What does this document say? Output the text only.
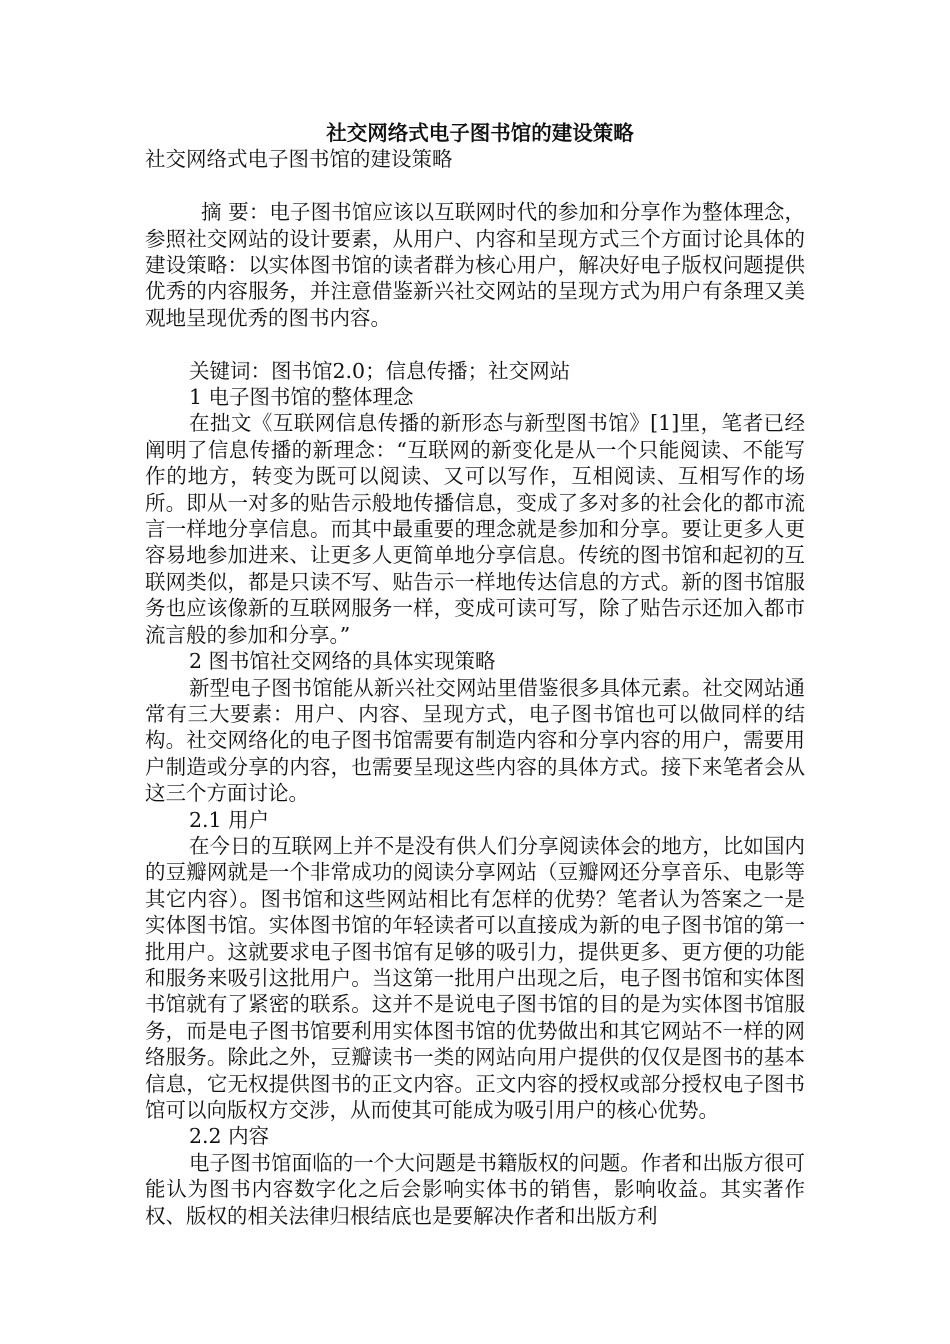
社交网络式电子图书馆的建设策略
社交网络式电子图书馆的建设策略

摘 要：电子图书馆应该以互联网时代的参加和分享作为整体理念，参照社交网站的设计要素，从用户、内容和呈现方式三个方面讨论具体的建设策略：以实体图书馆的读者群为核心用户，解决好电子版权问题提供优秀的内容服务，并注意借鉴新兴社交网站的呈现方式为用户有条理又美观地呈现优秀的图书内容。

关键词：图书馆2.0；信息传播；社交网站
1 电子图书馆的整体理念

在拙文《互联网信息传播的新形态与新型图书馆》[1]里，笔者已经阐明了信息传播的新理念：“互联网的新变化是从一个只能阅读、不能写作的地方，转变为既可以阅读、又可以写作，互相阅读、互相写作的场所。即从一对多的贴告示般地传播信息，变成了多对多的社会化的都市流言一样地分享信息。而其中最重要的理念就是参加和分享。要让更多人更容易地参加进来、让更多人更简单地分享信息。传统的图书馆和起初的互联网类似，都是只读不写、贴告示一样地传达信息的方式。新的图书馆服务也应该像新的互联网服务一样，变成可读可写，除了贴告示还加入都市流言般的参加和分享。”

2 图书馆社交网络的具体实现策略

新型电子图书馆能从新兴社交网站里借鉴很多具体元素。社交网站通常有三大要素：用户、内容、呈现方式，电子图书馆也可以做同样的结构。社交网络化的电子图书馆需要有制造内容和分享内容的用户，需要用户制造或分享的内容，也需要呈现这些内容的具体方式。接下来笔者会从这三个方面讨论。

2.1 用户

在今日的互联网上并不是没有供人们分享阅读体会的地方，比如国内的豆瓣网就是一个非常成功的阅读分享网站（豆瓣网还分享音乐、电影等其它内容）。图书馆和这些网站相比有怎样的优势？笔者认为答案之一是实体图书馆。实体图书馆的年轻读者可以直接成为新的电子图书馆的第一批用户。这就要求电子图书馆有足够的吸引力，提供更多、更方便的功能和服务来吸引这批用户。当这第一批用户出现之后，电子图书馆和实体图书馆就有了紧密的联系。这并不是说电子图书馆的目的是为实体图书馆服务，而是电子图书馆要利用实体图书馆的优势做出和其它网站不一样的网络服务。除此之外，豆瓣读书一类的网站向用户提供的仅仅是图书的基本信息，它无权提供图书的正文内容。正文内容的授权或部分授权电子图书馆可以向版权方交涉，从而使其可能成为吸引用户的核心优势。

2.2 内容

电子图书馆面临的一个大问题是书籍版权的问题。作者和出版方很可能认为图书内容数字化之后会影响实体书的销售，影响收益。其实著作权、版权的相关法律归根结底也是要解决作者和出版方利
